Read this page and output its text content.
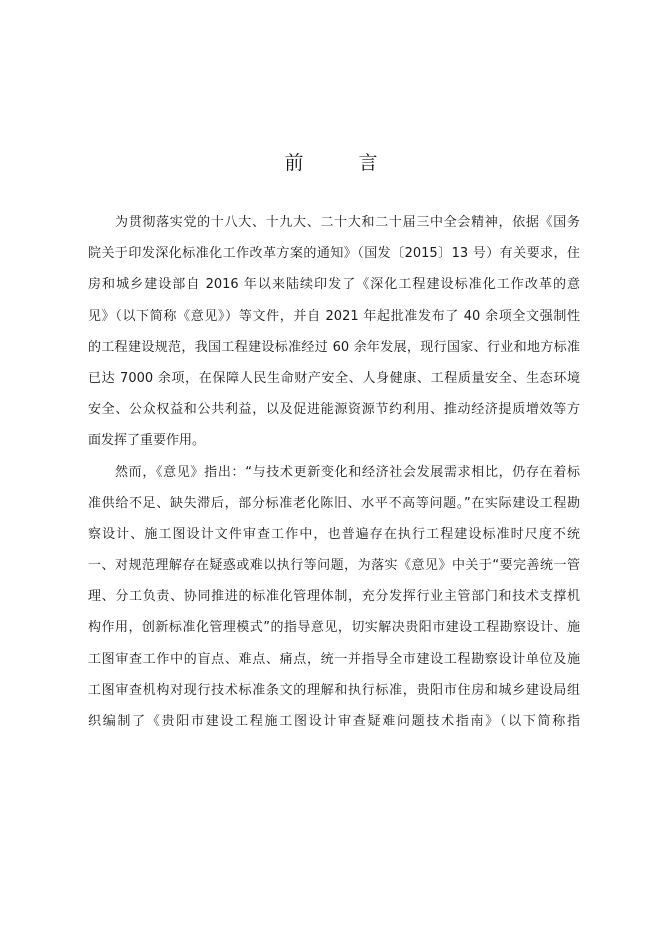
前　言
为贯彻落实党的十八大、十九大、二十大和二十届三中全会精神，依据《国务
院关于印发深化标准化工作改革方案的通知》（国发〔2015〕13 号）有关要求，住
房和城乡建设部自 2016 年以来陆续印发了《深化工程建设标准化工作改革的意
见》（以下简称《意见》）等文件，并自 2021 年起批准发布了 40 余项全文强制性
的工程建设规范，我国工程建设标准经过 60 余年发展，现行国家、行业和地方标准
已达 7000 余项，在保障人民生命财产安全、人身健康、工程质量安全、生态环境
安全、公众权益和公共利益，以及促进能源资源节约利用、推动经济提质增效等方
面发挥了重要作用。
然而，《意见》指出：“与技术更新变化和经济社会发展需求相比，仍存在着标
准供给不足、缺失滞后，部分标准老化陈旧、水平不高等问题。”在实际建设工程勘
察设计、施工图设计文件审查工作中，也普遍存在执行工程建设标准时尺度不统
一、对规范理解存在疑惑或难以执行等问题，为落实《意见》中关于“要完善统一管
理、分工负责、协同推进的标准化管理体制，充分发挥行业主管部门和技术支撑机
构作用，创新标准化管理模式”的指导意见，切实解决贵阳市建设工程勘察设计、施
工图审查工作中的盲点、难点、痛点，统一并指导全市建设工程勘察设计单位及施
工图审查机构对现行技术标准条文的理解和执行标准，贵阳市住房和城乡建设局组
织编制了《贵阳市建设工程施工图设计审查疑难问题技术指南》（以下简称指
